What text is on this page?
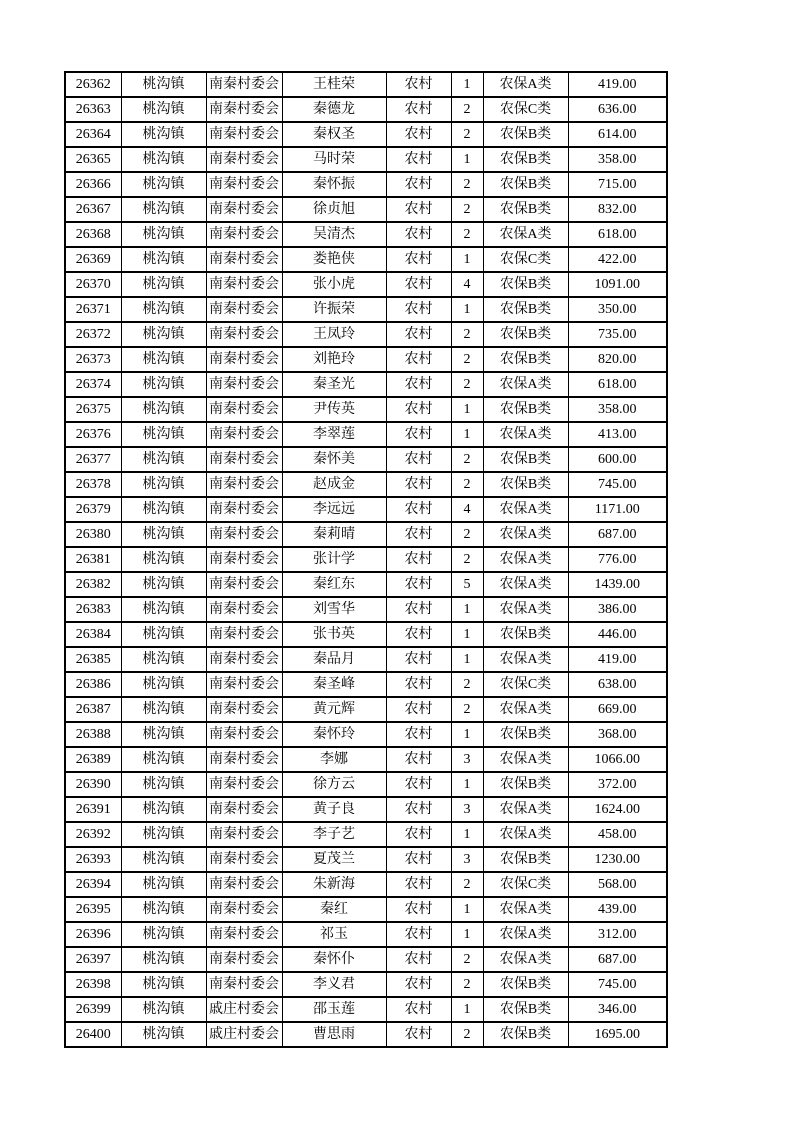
26362	桃沟镇	南秦村委会	王桂荣	农村	1	农保A类	419.00
26363	桃沟镇	南秦村委会	秦德龙	农村	2	农保C类	636.00
26364	桃沟镇	南秦村委会	秦权圣	农村	2	农保B类	614.00
26365	桃沟镇	南秦村委会	马时荣	农村	1	农保B类	358.00
26366	桃沟镇	南秦村委会	秦怀振	农村	2	农保B类	715.00
26367	桃沟镇	南秦村委会	徐贞旭	农村	2	农保B类	832.00
26368	桃沟镇	南秦村委会	吴清杰	农村	2	农保A类	618.00
26369	桃沟镇	南秦村委会	娄艳侠	农村	1	农保C类	422.00
26370	桃沟镇	南秦村委会	张小虎	农村	4	农保B类	1091.00
26371	桃沟镇	南秦村委会	许振荣	农村	1	农保B类	350.00
26372	桃沟镇	南秦村委会	王凤玲	农村	2	农保B类	735.00
26373	桃沟镇	南秦村委会	刘艳玲	农村	2	农保B类	820.00
26374	桃沟镇	南秦村委会	秦圣光	农村	2	农保A类	618.00
26375	桃沟镇	南秦村委会	尹传英	农村	1	农保B类	358.00
26376	桃沟镇	南秦村委会	李翠莲	农村	1	农保A类	413.00
26377	桃沟镇	南秦村委会	秦怀美	农村	2	农保B类	600.00
26378	桃沟镇	南秦村委会	赵成金	农村	2	农保B类	745.00
26379	桃沟镇	南秦村委会	李远远	农村	4	农保A类	1171.00
26380	桃沟镇	南秦村委会	秦莉晴	农村	2	农保A类	687.00
26381	桃沟镇	南秦村委会	张计学	农村	2	农保A类	776.00
26382	桃沟镇	南秦村委会	秦红东	农村	5	农保A类	1439.00
26383	桃沟镇	南秦村委会	刘雪华	农村	1	农保A类	386.00
26384	桃沟镇	南秦村委会	张书英	农村	1	农保B类	446.00
26385	桃沟镇	南秦村委会	秦品月	农村	1	农保A类	419.00
26386	桃沟镇	南秦村委会	秦圣峰	农村	2	农保C类	638.00
26387	桃沟镇	南秦村委会	黄元辉	农村	2	农保A类	669.00
26388	桃沟镇	南秦村委会	秦怀玲	农村	1	农保B类	368.00
26389	桃沟镇	南秦村委会	李娜	农村	3	农保A类	1066.00
26390	桃沟镇	南秦村委会	徐方云	农村	1	农保B类	372.00
26391	桃沟镇	南秦村委会	黄子良	农村	3	农保A类	1624.00
26392	桃沟镇	南秦村委会	李子艺	农村	1	农保A类	458.00
26393	桃沟镇	南秦村委会	夏茂兰	农村	3	农保B类	1230.00
26394	桃沟镇	南秦村委会	朱新海	农村	2	农保C类	568.00
26395	桃沟镇	南秦村委会	秦红	农村	1	农保A类	439.00
26396	桃沟镇	南秦村委会	祁玉	农村	1	农保A类	312.00
26397	桃沟镇	南秦村委会	秦怀仆	农村	2	农保A类	687.00
26398	桃沟镇	南秦村委会	李义君	农村	2	农保B类	745.00
26399	桃沟镇	戚庄村委会	邵玉莲	农村	1	农保B类	346.00
26400	桃沟镇	戚庄村委会	曹思雨	农村	2	农保B类	1695.00
